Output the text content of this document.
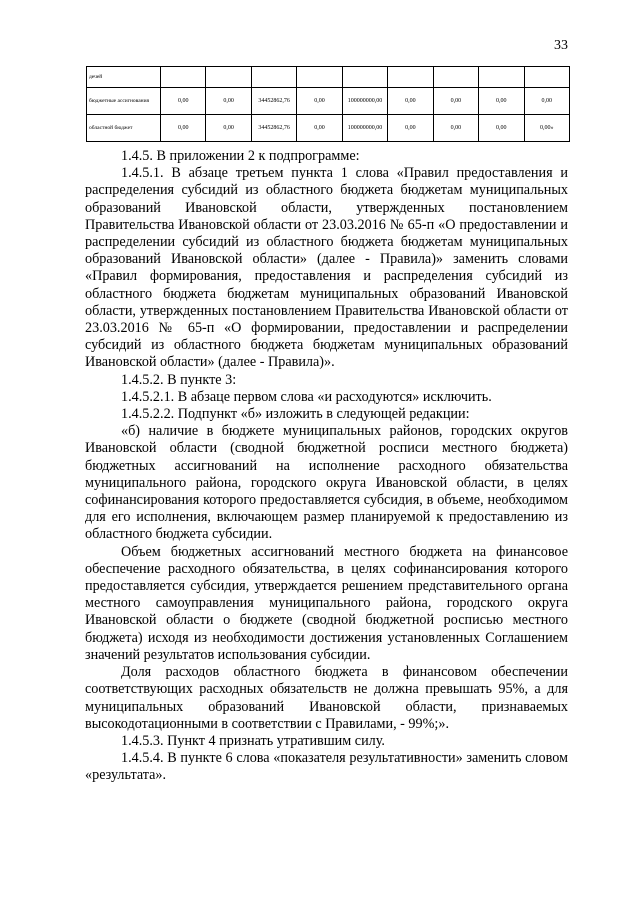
33
дечей									
бюджетные ассигнования	0,00	0,00	34452862,76	0,00	100000000,00	0,00	0,00	0,00	0,00
областной бюджет	0,00	0,00	34452862,76	0,00	100000000,00	0,00	0,00	0,00	0,00»

1.4.5. В приложении 2 к подпрограмме:

1.4.5.1. В абзаце третьем пункта 1 слова «Правил предоставления и распределения субсидий из областного бюджета бюджетам муниципальных образований Ивановской области, утвержденных постановлением Правительства Ивановской области от 23.03.2016 № 65-п «О предоставлении и распределении субсидий из областного бюджета бюджетам муниципальных образований Ивановской области» (далее - Правила)» заменить словами «Правил формирования, предоставления и распределения субсидий из областного бюджета бюджетам муниципальных образований Ивановской области, утвержденных постановлением Правительства Ивановской области от 23.03.2016 № 65-п «О формировании, предоставлении и распределении субсидий из областного бюджета бюджетам муниципальных образований Ивановской области» (далее - Правила)».

1.4.5.2. В пункте 3:

1.4.5.2.1. В абзаце первом слова «и расходуются» исключить.

1.4.5.2.2. Подпункт «б» изложить в следующей редакции:

«б) наличие в бюджете муниципальных районов, городских округов Ивановской области (сводной бюджетной росписи местного бюджета) бюджетных ассигнований на исполнение расходного обязательства муниципального района, городского округа Ивановской области, в целях софинансирования которого предоставляется субсидия, в объеме, необходимом для его исполнения, включающем размер планируемой к предоставлению из областного бюджета субсидии.

Объем бюджетных ассигнований местного бюджета на финансовое обеспечение расходного обязательства, в целях софинансирования которого предоставляется субсидия, утверждается решением представительного органа местного самоуправления муниципального района, городского округа Ивановской области о бюджете (сводной бюджетной росписью местного бюджета) исходя из необходимости достижения установленных Соглашением значений результатов использования субсидии.

Доля расходов областного бюджета в финансовом обеспечении соответствующих расходных обязательств не должна превышать 95%, а для муниципальных образований Ивановской области, признаваемых высокодотационными в соответствии с Правилами, - 99%;».

1.4.5.3. Пункт 4 признать утратившим силу.

1.4.5.4. В пункте 6 слова «показателя результативности» заменить словом «результата».
